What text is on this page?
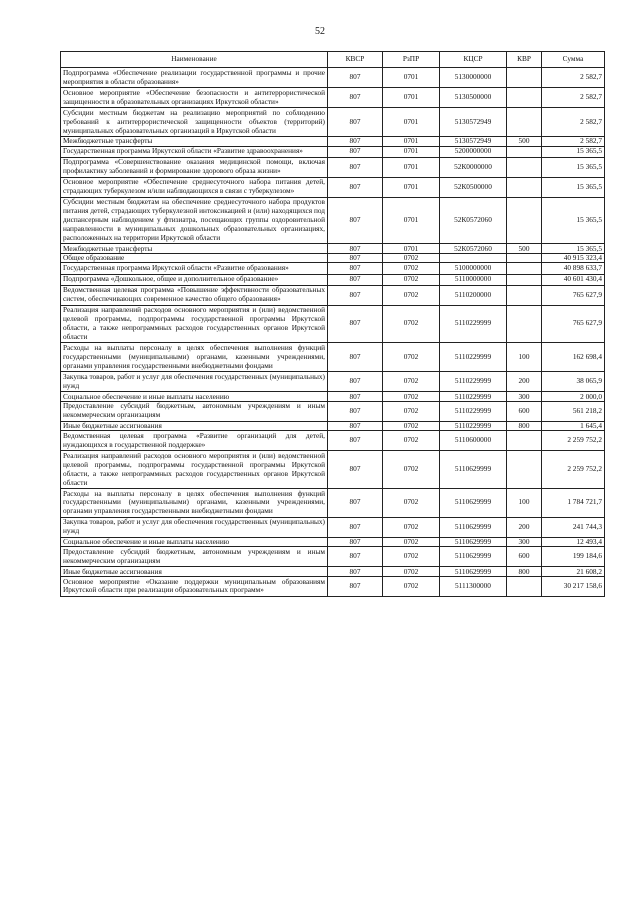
52
Наименование	КВСР	РзПР	КЦСР	КВР	Сумма
Подпрограмма «Обеспечение реализации государственной программы и прочие мероприятия в области образования»	807	0701	5130000000		2 582,7
Основное мероприятие «Обеспечение безопасности и антитеррористической защищенности в образовательных организациях Иркутской области»	807	0701	5130500000		2 582,7
Субсидии местным бюджетам на реализацию мероприятий по соблюдению требований к антитеррористической защищенности объектов (территорий) муниципальных образовательных организаций в Иркутской области	807	0701	5130572949		2 582,7
Межбюджетные трансферты	807	0701	5130572949	500	2 582,7
Государственная программа Иркутской области «Развитие здравоохранения»	807	0701	5200000000		15 365,5
Подпрограмма «Совершенствование оказания медицинской помощи, включая профилактику заболеваний и формирование здорового образа жизни»	807	0701	52К0000000		15 365,5
Основное мероприятие «Обеспечение среднесуточного набора питания детей, страдающих туберкулезом и/или наблюдающихся в связи с туберкулезом»	807	0701	52К0500000		15 365,5
Субсидии местным бюджетам на обеспечение среднесуточного набора продуктов питания детей, страдающих туберкулезной интоксикацией и (или) находящихся под диспансерным наблюдением у фтизиатра, посещающих группы оздоровительной направленности в муниципальных дошкольных образовательных организациях, расположенных на территории Иркутской области	807	0701	52К0572060		15 365,5
Межбюджетные трансферты	807	0701	52К0572060	500	15 365,5
Общее образование	807	0702			40 915 323,4
Государственная программа Иркутской области «Развитие образования»	807	0702	5100000000		40 898 633,7
Подпрограмма «Дошкольное, общее и дополнительное образование»	807	0702	5110000000		40 601 430,4
Ведомственная целевая программа «Повышение эффективности образовательных систем, обеспечивающих современное качество общего образования»	807	0702	5110200000		765 627,9
Реализация направлений расходов основного мероприятия и (или) ведомственной целевой программы, подпрограммы государственной программы Иркутской области, а также непрограммных расходов государственных органов Иркутской области	807	0702	5110229999		765 627,9
Расходы на выплаты персоналу в целях обеспечения выполнения функций государственными (муниципальными) органами, казенными учреждениями, органами управления государственными внебюджетными фондами	807	0702	5110229999	100	162 698,4
Закупка товаров, работ и услуг для обеспечения государственных (муниципальных) нужд	807	0702	5110229999	200	38 065,9
Социальное обеспечение и иные выплаты населению	807	0702	5110229999	300	2 000,0
Предоставление субсидий бюджетным, автономным учреждениям и иным некоммерческим организациям	807	0702	5110229999	600	561 218,2
Иные бюджетные ассигнования	807	0702	5110229999	800	1 645,4
Ведомственная целевая программа «Развитие организаций для детей, нуждающихся в государственной поддержке»	807	0702	5110600000		2 259 752,2
Реализация направлений расходов основного мероприятия и (или) ведомственной целевой программы, подпрограммы государственной программы Иркутской области, а также непрограммных расходов государственных органов Иркутской области	807	0702	5110629999		2 259 752,2
Расходы на выплаты персоналу в целях обеспечения выполнения функций государственными (муниципальными) органами, казенными учреждениями, органами управления государственными внебюджетными фондами	807	0702	5110629999	100	1 784 721,7
Закупка товаров, работ и услуг для обеспечения государственных (муниципальных) нужд	807	0702	5110629999	200	241 744,3
Социальное обеспечение и иные выплаты населению	807	0702	5110629999	300	12 493,4
Предоставление субсидий бюджетным, автономным учреждениям и иным некоммерческим организациям	807	0702	5110629999	600	199 184,6
Иные бюджетные ассигнования	807	0702	5110629999	800	21 608,2
Основное мероприятие «Оказание поддержки муниципальным образованиям Иркутской области при реализации образовательных программ»	807	0702	5111300000		30 217 158,6
